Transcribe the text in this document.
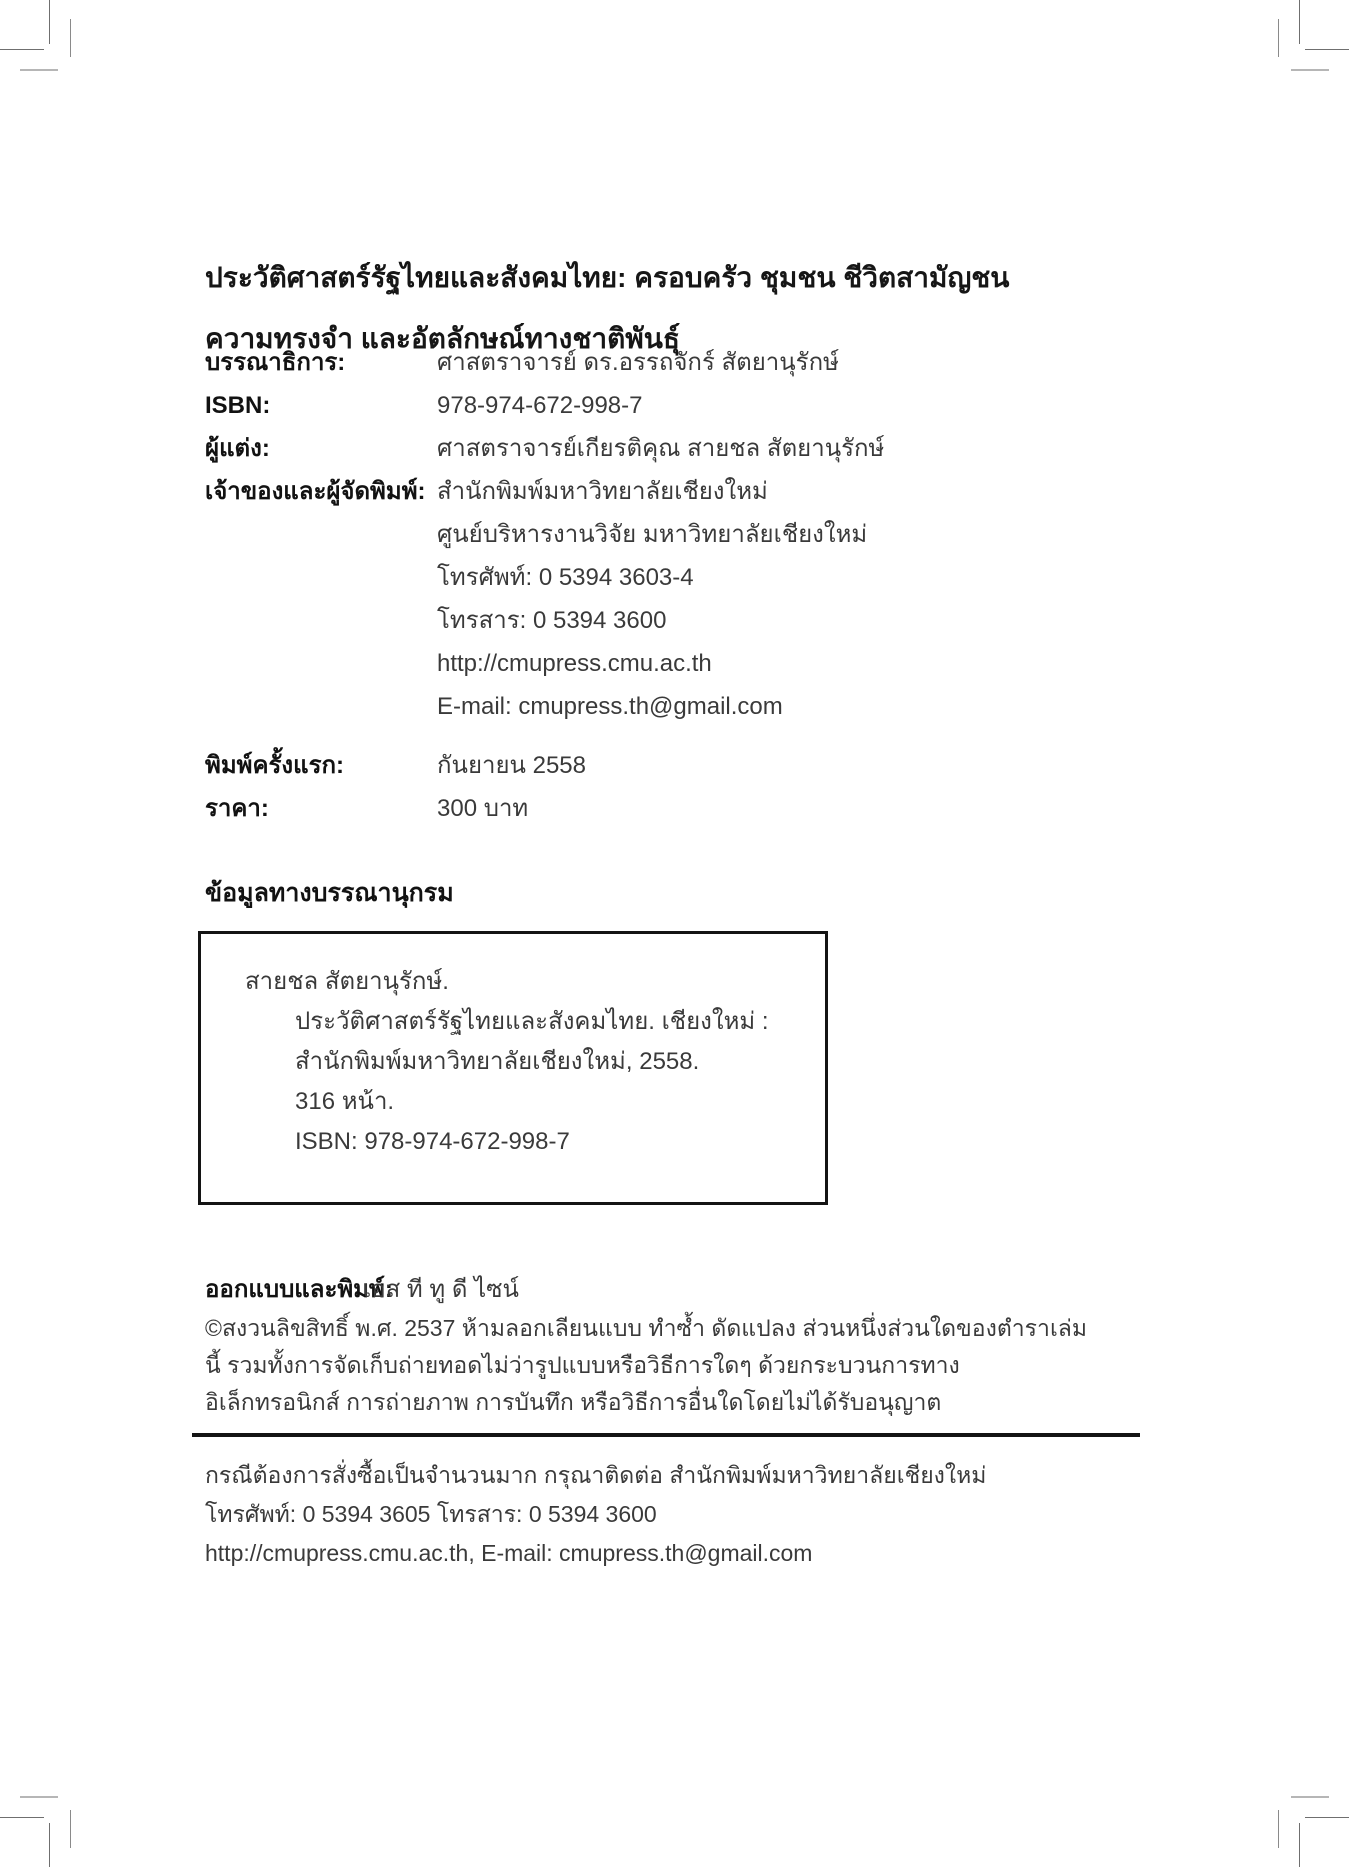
ประวัติศาสตร์รัฐไทยและสังคมไทย: ครอบครัว ชุมชน ชีวิตสามัญชน ความทรงจำ และอัตลักษณ์ทางชาติพันธุ์
บรรณาธิการ:	ศาสตราจารย์ ดร.อรรถจักร์ สัตยานุรักษ์
ISBN:	978-974-672-998-7
ผู้แต่ง:	ศาสตราจารย์เกียรติคุณ สายชล สัตยานุรักษ์
เจ้าของและผู้จัดพิมพ์: สำนักพิมพ์มหาวิทยาลัยเชียงใหม่
ศูนย์บริหารงานวิจัย มหาวิทยาลัยเชียงใหม่
โทรศัพท์: 0 5394 3603-4
โทรสาร: 0 5394 3600
http://cmupress.cmu.ac.th
E-mail: cmupress.th@gmail.com
พิมพ์ครั้งแรก:	กันยายน 2558
ราคา:	300 บาท
ข้อมูลทางบรรณานุกรม
สายชล สัตยานุรักษ์.
ประวัติศาสตร์รัฐไทยและสังคมไทย. เชียงใหม่ :
สำนักพิมพ์มหาวิทยาลัยเชียงใหม่, 2558.
316 หน้า.
ISBN: 978-974-672-998-7
ออกแบบและพิมพ์:
เอส ที ทู ดี ไซน์

©สงวนลิขสิทธิ์ พ.ศ. 2537 ห้ามลอกเลียนแบบ ทำซ้ำ ดัดแปลง ส่วนหนึ่งส่วนใดของตำราเล่มนี้ รวมทั้งการจัดเก็บถ่ายทอดไม่ว่ารูปแบบหรือวิธีการใดๆ ด้วยกระบวนการทางอิเล็กทรอนิกส์ การถ่ายภาพ การบันทึก หรือวิธีการอื่นใดโดยไม่ได้รับอนุญาต

กรณีต้องการสั่งซื้อเป็นจำนวนมาก กรุณาติดต่อ สำนักพิมพ์มหาวิทยาลัยเชียงใหม่
โทรศัพท์: 0 5394 3605 โทรสาร: 0 5394 3600
http://cmupress.cmu.ac.th, E-mail: cmupress.th@gmail.com
